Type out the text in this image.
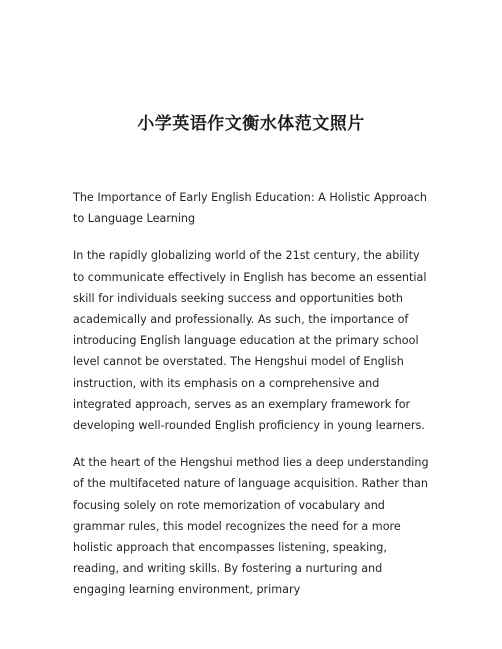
小学英语作文衡水体范文照片

The Importance of Early English Education: A Holistic Approach to Language Learning

In the rapidly globalizing world of the 21st century, the ability to communicate effectively in English has become an essential skill for individuals seeking success and opportunities both academically and professionally. As such, the importance of introducing English language education at the primary school level cannot be overstated. The Hengshui model of English instruction, with its emphasis on a comprehensive and integrated approach, serves as an exemplary framework for developing well-rounded English proficiency in young learners.

At the heart of the Hengshui method lies a deep understanding of the multifaceted nature of language acquisition. Rather than focusing solely on rote memorization of vocabulary and grammar rules, this model recognizes the need for a more holistic approach that encompasses listening, speaking, reading, and writing skills. By fostering a nurturing and engaging learning environment, primary
